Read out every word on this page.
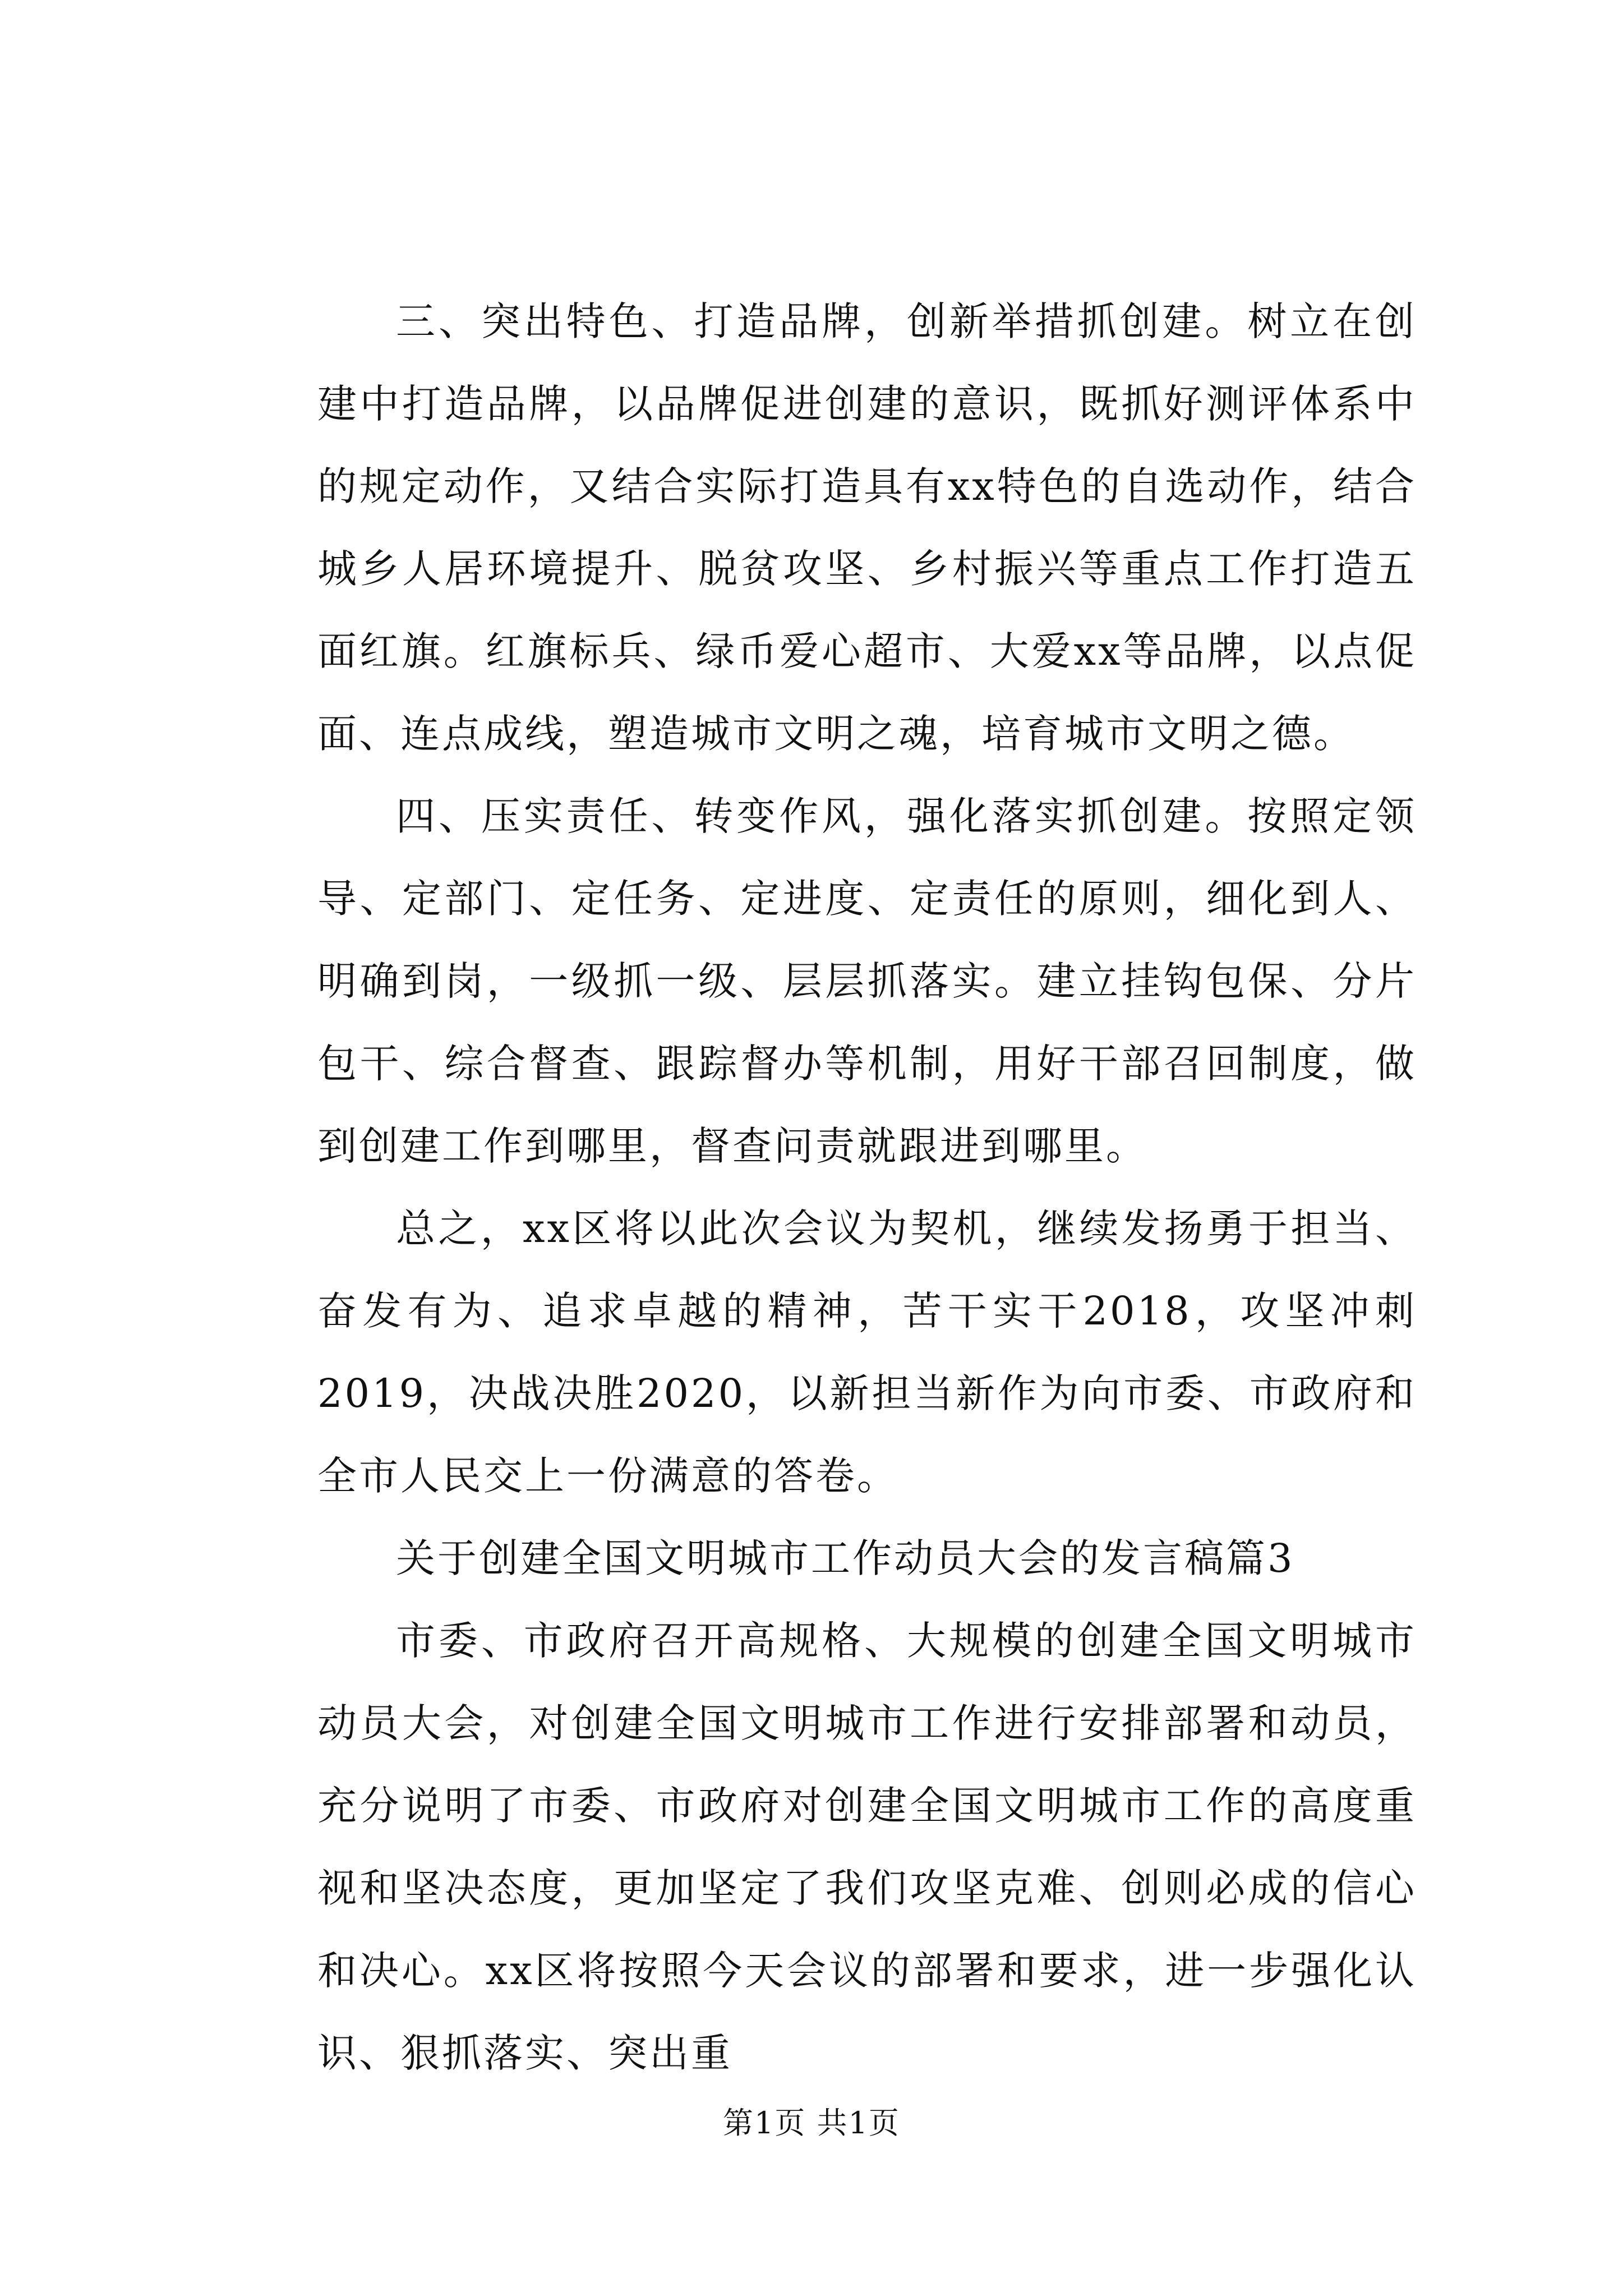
三、突出特色、打造品牌，创新举措抓创建。树立在创建中打造品牌，以品牌促进创建的意识，既抓好测评体系中的规定动作，又结合实际打造具有xx特色的自选动作，结合城乡人居环境提升、脱贫攻坚、乡村振兴等重点工作打造五面红旗。红旗标兵、绿币爱心超市、大爱xx等品牌，以点促面、连点成线，塑造城市文明之魂，培育城市文明之德。

四、压实责任、转变作风，强化落实抓创建。按照定领导、定部门、定任务、定进度、定责任的原则，细化到人、明确到岗，一级抓一级、层层抓落实。建立挂钩包保、分片包干、综合督查、跟踪督办等机制，用好干部召回制度，做到创建工作到哪里，督查问责就跟进到哪里。

总之，xx区将以此次会议为契机，继续发扬勇于担当、奋发有为、追求卓越的精神，苦干实干2018，攻坚冲刺2019，决战决胜2020，以新担当新作为向市委、市政府和全市人民交上一份满意的答卷。

关于创建全国文明城市工作动员大会的发言稿篇3

市委、市政府召开高规格、大规模的创建全国文明城市动员大会，对创建全国文明城市工作进行安排部署和动员，充分说明了市委、市政府对创建全国文明城市工作的高度重视和坚决态度，更加坚定了我们攻坚克难、创则必成的信心和决心。xx区将按照今天会议的部署和要求，进一步强化认识、狠抓落实、突出重

第1页 共1页
